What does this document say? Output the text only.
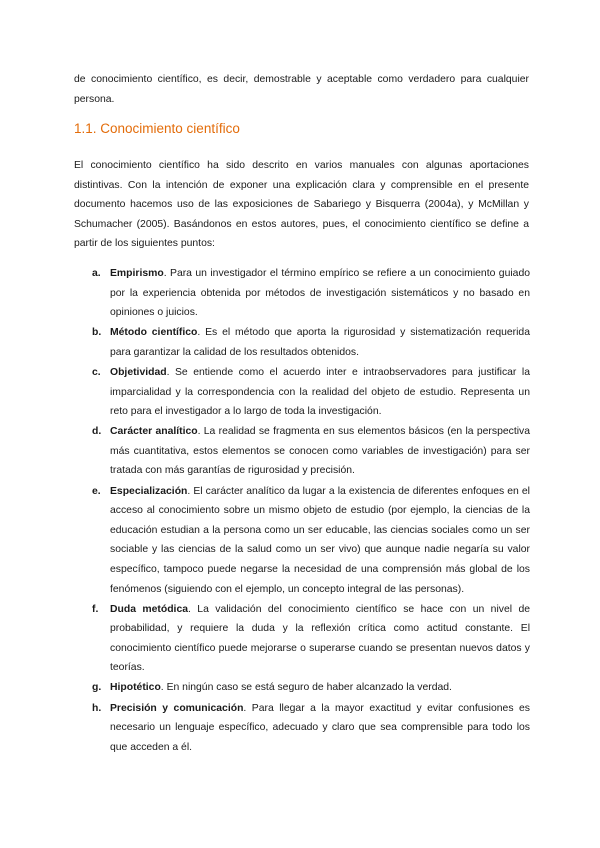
de conocimiento científico, es decir, demostrable y aceptable como verdadero para cualquier persona.

1.1. Conocimiento científico

El conocimiento científico ha sido descrito en varios manuales con algunas aportaciones distintivas. Con la intención de exponer una explicación clara y comprensible en el presente documento hacemos uso de las exposiciones de Sabariego y Bisquerra (2004a), y McMillan y Schumacher (2005). Basándonos en estos autores, pues, el conocimiento científico se define a partir de los siguientes puntos:

a. Empirismo. Para un investigador el término empírico se refiere a un conocimiento guiado por la experiencia obtenida por métodos de investigación sistemáticos y no basado en opiniones o juicios.
b. Método científico. Es el método que aporta la rigurosidad y sistematización requerida para garantizar la calidad de los resultados obtenidos.
c. Objetividad. Se entiende como el acuerdo inter e intraobservadores para justificar la imparcialidad y la correspondencia con la realidad del objeto de estudio. Representa un reto para el investigador a lo largo de toda la investigación.
d. Carácter analítico. La realidad se fragmenta en sus elementos básicos (en la perspectiva más cuantitativa, estos elementos se conocen como variables de investigación) para ser tratada con más garantías de rigurosidad y precisión.
e. Especialización. El carácter analítico da lugar a la existencia de diferentes enfoques en el acceso al conocimiento sobre un mismo objeto de estudio (por ejemplo, la ciencias de la educación estudian a la persona como un ser educable, las ciencias sociales como un ser sociable y las ciencias de la salud como un ser vivo) que aunque nadie negaría su valor específico, tampoco puede negarse la necesidad de una comprensión más global de los fenómenos (siguiendo con el ejemplo, un concepto integral de las personas).
f. Duda metódica. La validación del conocimiento científico se hace con un nivel de probabilidad, y requiere la duda y la reflexión crítica como actitud constante. El conocimiento científico puede mejorarse o superarse cuando se presentan nuevos datos y teorías.
g. Hipotético. En ningún caso se está seguro de haber alcanzado la verdad.
h. Precisión y comunicación. Para llegar a la mayor exactitud y evitar confusiones es necesario un lenguaje específico, adecuado y claro que sea comprensible para todo los que acceden a él.
